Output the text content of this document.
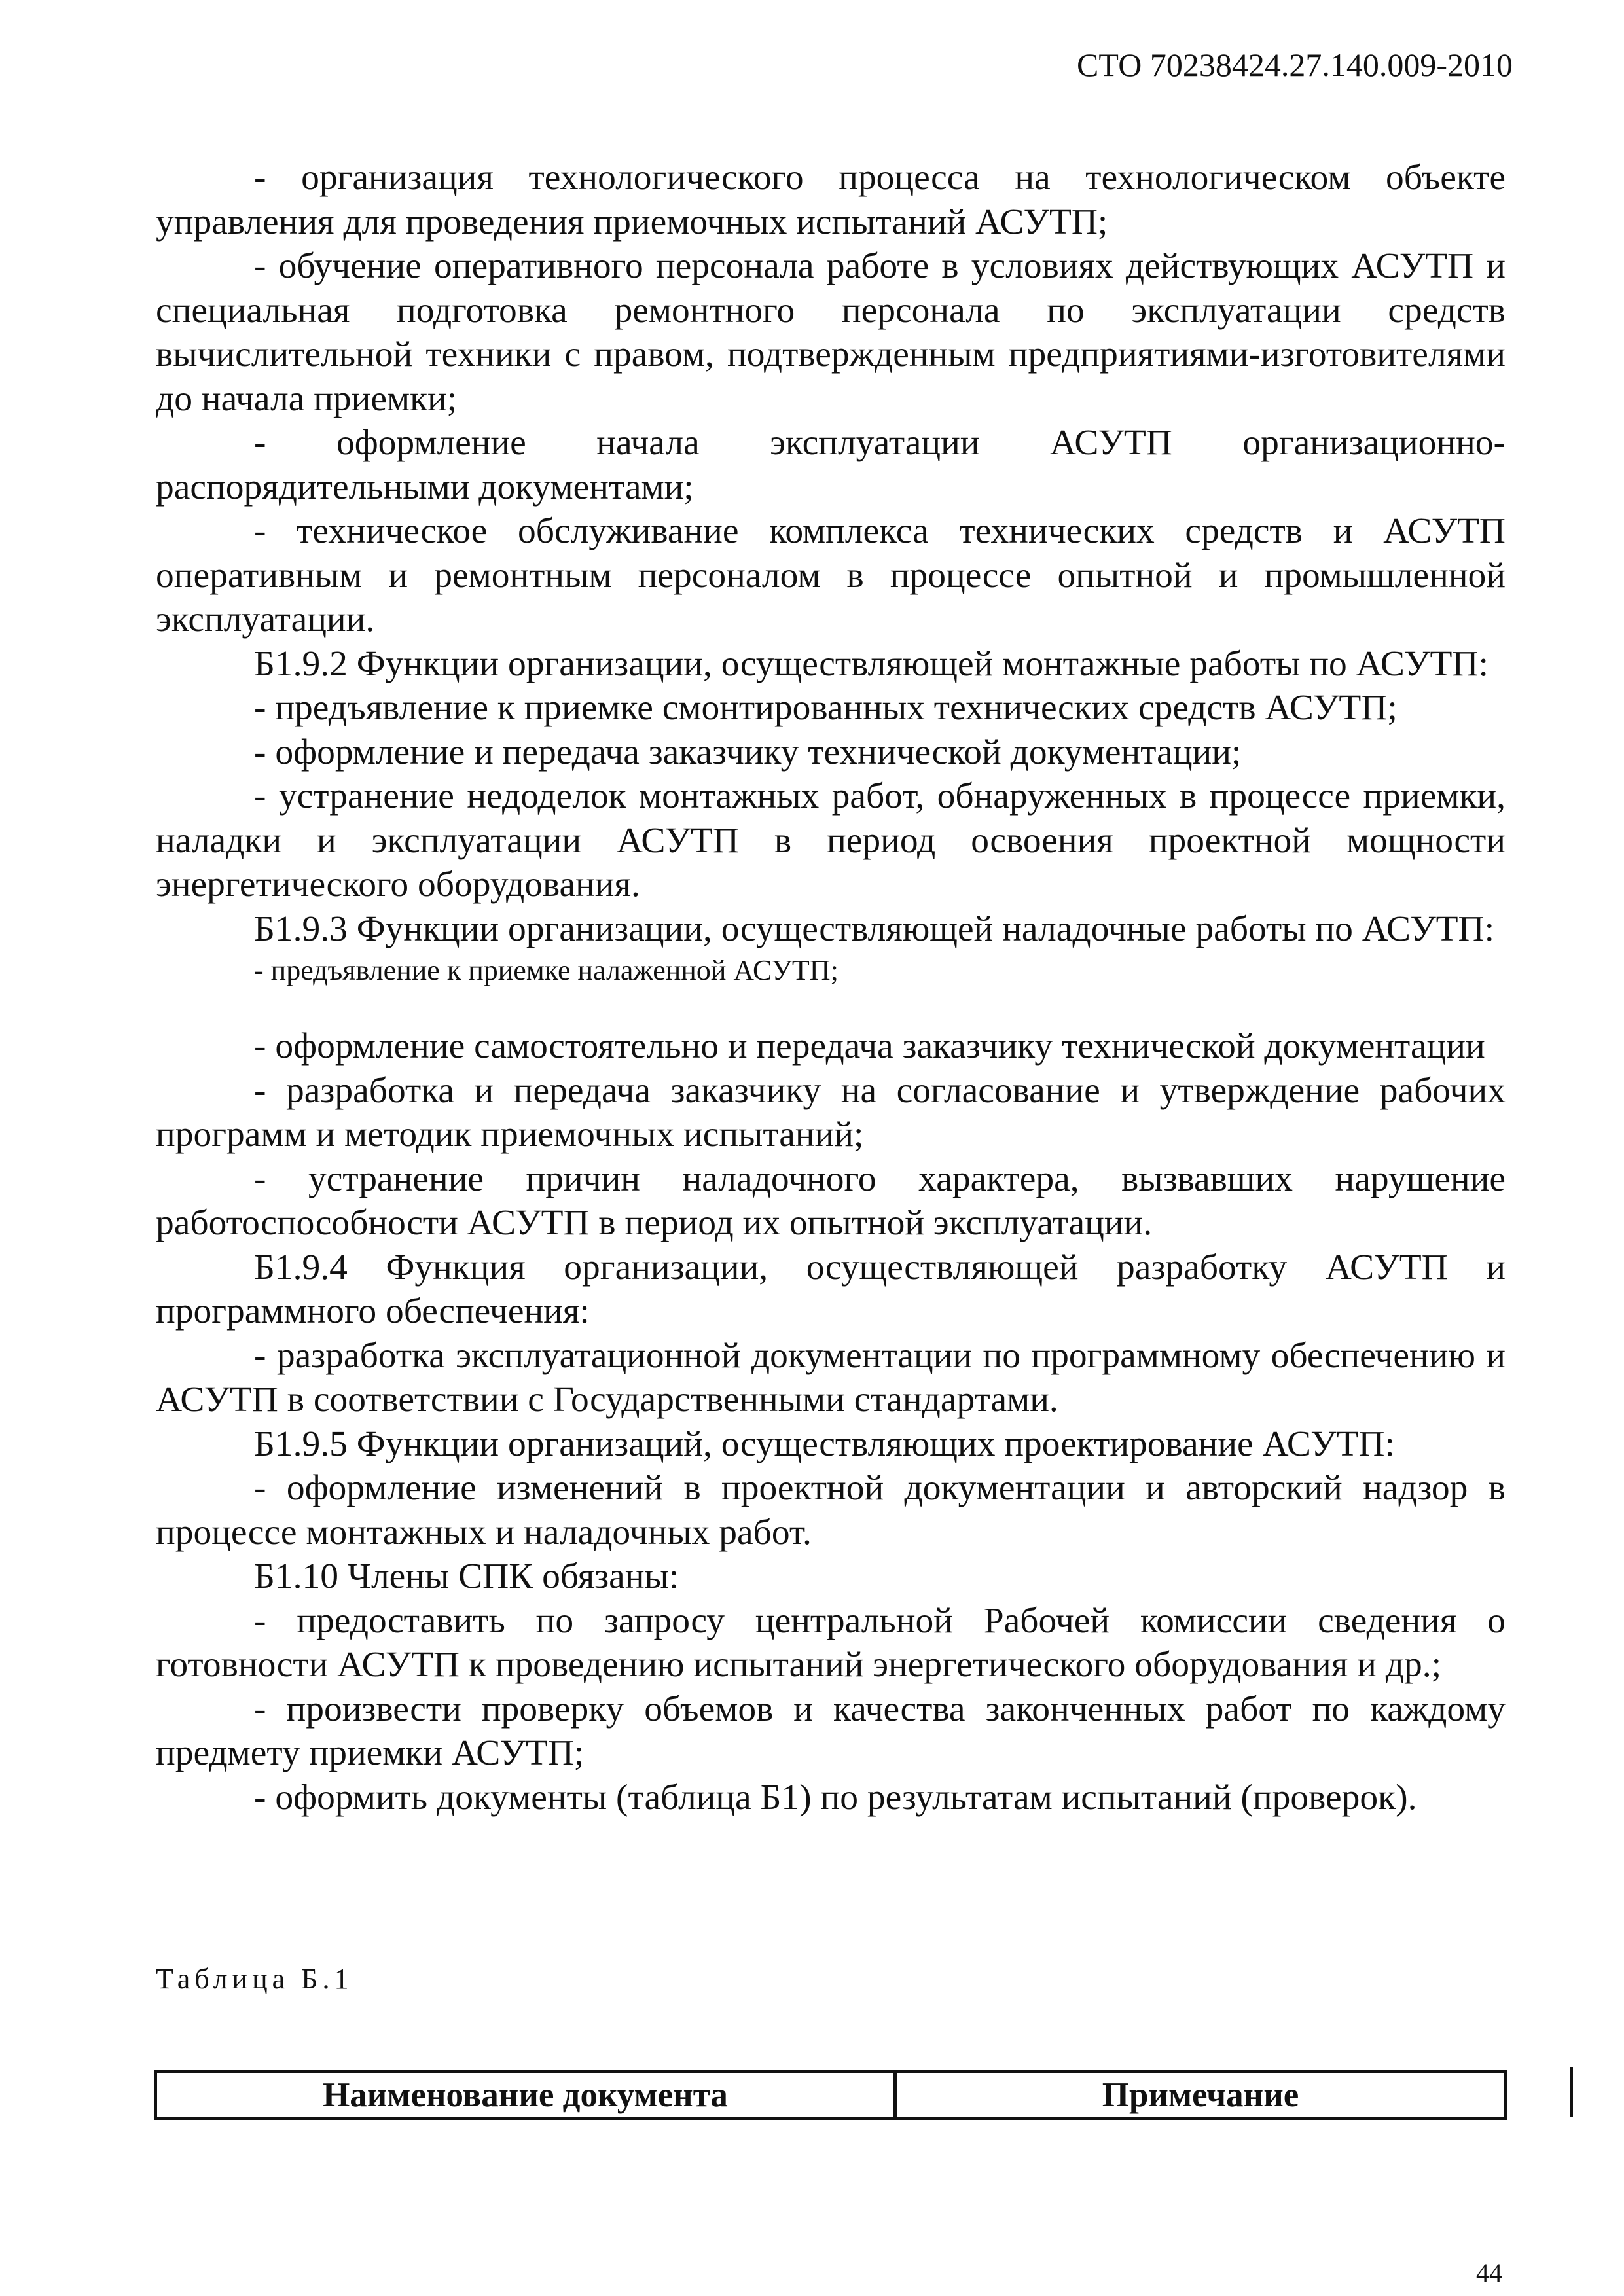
СТО 70238424.27.140.009-2010

- организация технологического процесса на технологическом объекте управления для проведения приемочных испытаний АСУТП;

- обучение оперативного персонала работе в условиях действующих АСУТП и специальная подготовка ремонтного персонала по эксплуатации средств вычислительной техники с правом, подтвержденным предприятиями-изготовителями до начала приемки;

- оформление начала эксплуатации АСУТП организационно-распорядительными документами;

- техническое обслуживание комплекса технических средств и АСУТП оперативным и ремонтным персоналом в процессе опытной и промышленной эксплуатации.

Б1.9.2 Функции организации, осуществляющей монтажные работы по АСУТП:

- предъявление к приемке смонтированных технических средств АСУТП;

- оформление и передача заказчику технической документации;

- устранение недоделок монтажных работ, обнаруженных в процессе приемки, наладки и эксплуатации АСУТП в период освоения проектной мощности энергетического оборудования.

Б1.9.3 Функции организации, осуществляющей наладочные работы по АСУТП:

- предъявление к приемке налаженной АСУТП;

- оформление самостоятельно и передача заказчику технической документации

- разработка и передача заказчику на согласование и утверждение рабочих программ и методик приемочных испытаний;

- устранение причин наладочного характера, вызвавших нарушение работоспособности АСУТП в период их опытной эксплуатации.

Б1.9.4 Функция организации, осуществляющей разработку АСУТП и программного обеспечения:

- разработка эксплуатационной документации по программному обеспечению и АСУТП в соответствии с Государственными стандартами.

Б1.9.5 Функции организаций, осуществляющих проектирование АСУТП:

- оформление изменений в проектной документации и авторский надзор в процессе монтажных и наладочных работ.

Б1.10 Члены СПК обязаны:

- предоставить по запросу центральной Рабочей комиссии сведения о готовности АСУТП к проведению испытаний энергетического оборудования и др.;

- произвести проверку объемов и качества законченных работ по каждому предмету приемки АСУТП;

- оформить документы (таблица Б1) по результатам испытаний (проверок).

Таблица Б.1
Наименование документа	Примечание
44
